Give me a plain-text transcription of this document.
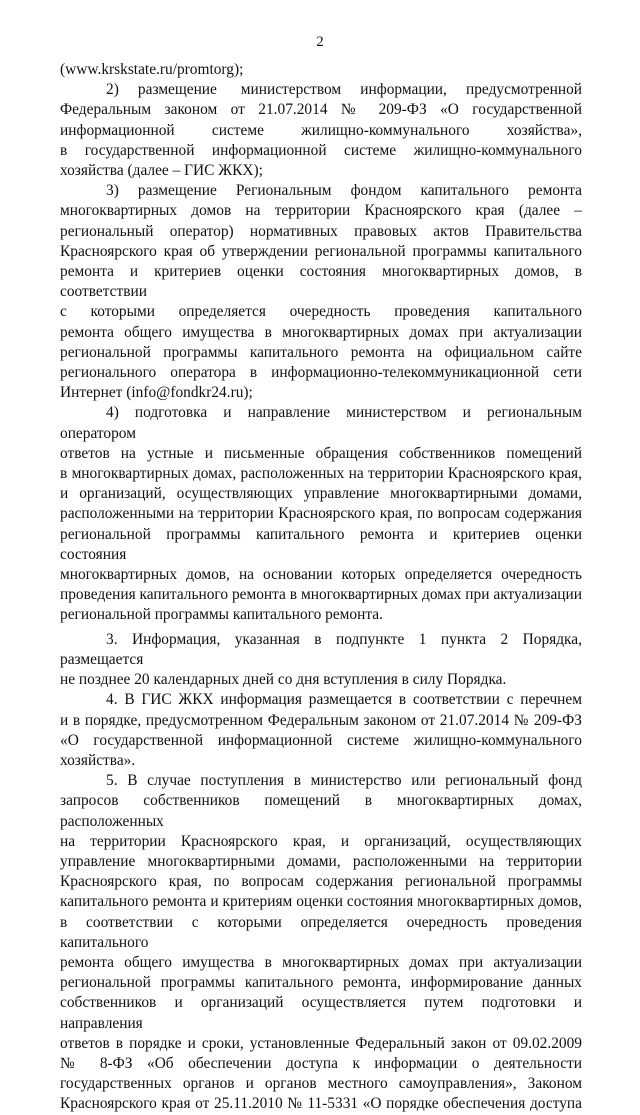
2

(www.krskstate.ru/promtorg);

2)    размещение     министерством    информации,    предусмотренной

Федеральным законом от 21.07.2014 № 209-ФЗ «О государственной

информационной системе жилищно-коммунального хозяйства»,

в государственной информационной системе жилищно-коммунального

хозяйства (далее – ГИС ЖКХ);

3) размещение Региональным фондом капитального ремонта

многоквартирных домов на территории Красноярского края (далее –

региональный оператор) нормативных правовых актов Правительства

Красноярского края об утверждении региональной программы капитального

ремонта и критериев оценки состояния многоквартирных домов, в соответствии

с которыми определяется очередность проведения капитального

ремонта общего имущества в многоквартирных домах при актуализации

региональной программы капитального ремонта на официальном сайте

регионального оператора в информационно-телекоммуникационной сети

Интернет (info@fondkr24.ru);

4) подготовка и направление министерством и региональным оператором

ответов на устные и письменные обращения собственников помещений

в многоквартирных домах, расположенных на территории Красноярского края,

и организаций, осуществляющих управление многоквартирными домами,

расположенными на территории Красноярского края, по вопросам содержания

региональной программы капитального ремонта и критериев оценки состояния

многоквартирных домов, на основании которых определяется очередность

проведения капитального ремонта в многоквартирных домах при актуализации

региональной программы капитального ремонта.

3. Информация, указанная в подпункте 1 пункта 2 Порядка, размещается

не позднее 20 календарных дней со дня вступления в силу Порядка.

4. В ГИС ЖКХ информация размещается в соответствии с перечнем

и в порядке, предусмотренном Федеральным законом от 21.07.2014 № 209-ФЗ

«О государственной информационной системе жилищно-коммунального

хозяйства».

5. В случае поступления в министерство или региональный фонд

запросов собственников помещений в многоквартирных домах, расположенных

на территории Красноярского края, и организаций, осуществляющих

управление многоквартирными домами, расположенными на территории

Красноярского края, по вопросам содержания региональной программы

капитального ремонта и критериям оценки состояния многоквартирных домов,

в соответствии с которыми определяется очередность проведения капитального

ремонта общего имущества в многоквартирных домах при актуализации

региональной программы капитального ремонта, информирование данных

собственников и организаций осуществляется путем подготовки и направления

ответов в порядке и сроки, установленные Федеральный закон от 09.02.2009

№ 8-ФЗ «Об обеспечении доступа к информации о деятельности

государственных органов и органов местного самоуправления», Законом

Красноярского края от 25.11.2010 № 11-5331 «О порядке обеспечения доступа
